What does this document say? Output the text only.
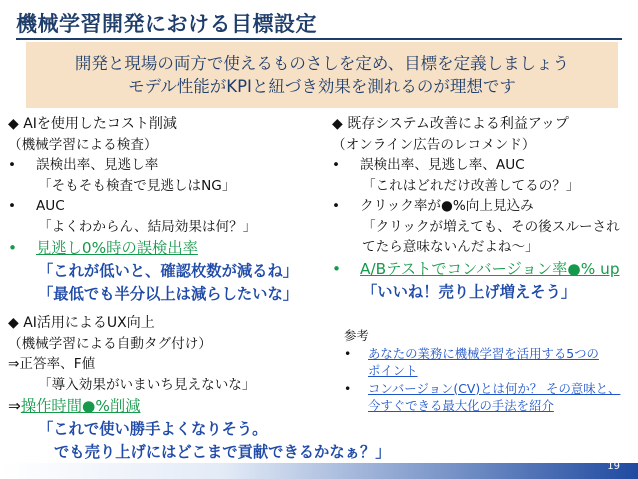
機械学習開発における目標設定
開発と現場の両方で使えるものさしを定め、目標を定義しましょう
モデル性能がKPIと紐づき効果を測れるのが理想です
◆ AIを使用したコスト削減
（機械学習による検査）
• 誤検出率、見逃し率
「そもそも検査で見逃しはNG」
• AUC
「よくわからん、結局効果は何？」
• 見逃し0%時の誤検出率
「これが低いと、確認枚数が減るね」
「最低でも半分以上は減らしたいな」
◆ 既存システム改善による利益アップ
（オンライン広告のレコメンド）
• 誤検出率、見逃し率、AUC
「これはどれだけ改善してるの？」
• クリック率が●%向上見込み
「クリックが増えても、その後スルーされ
てたら意味ないんだよね～」
• A/Bテストでコンバージョン率●% up
「いいね！売り上げ増えそう」
◆ AI活用によるUX向上
（機械学習による自動タグ付け）
⇒正答率、F値
「導入効果がいまいち見えないな」
⇒操作時間●%削減
「これで使い勝手よくなりそう。
でも売り上げにはどこまで貢献できるかなぁ？」
参考
• あなたの業務に機械学習を活用する5つの
ポイント
• コンバージョン(CV)とは何か？ その意味と、
今すぐできる最大化の手法を紹介
19
